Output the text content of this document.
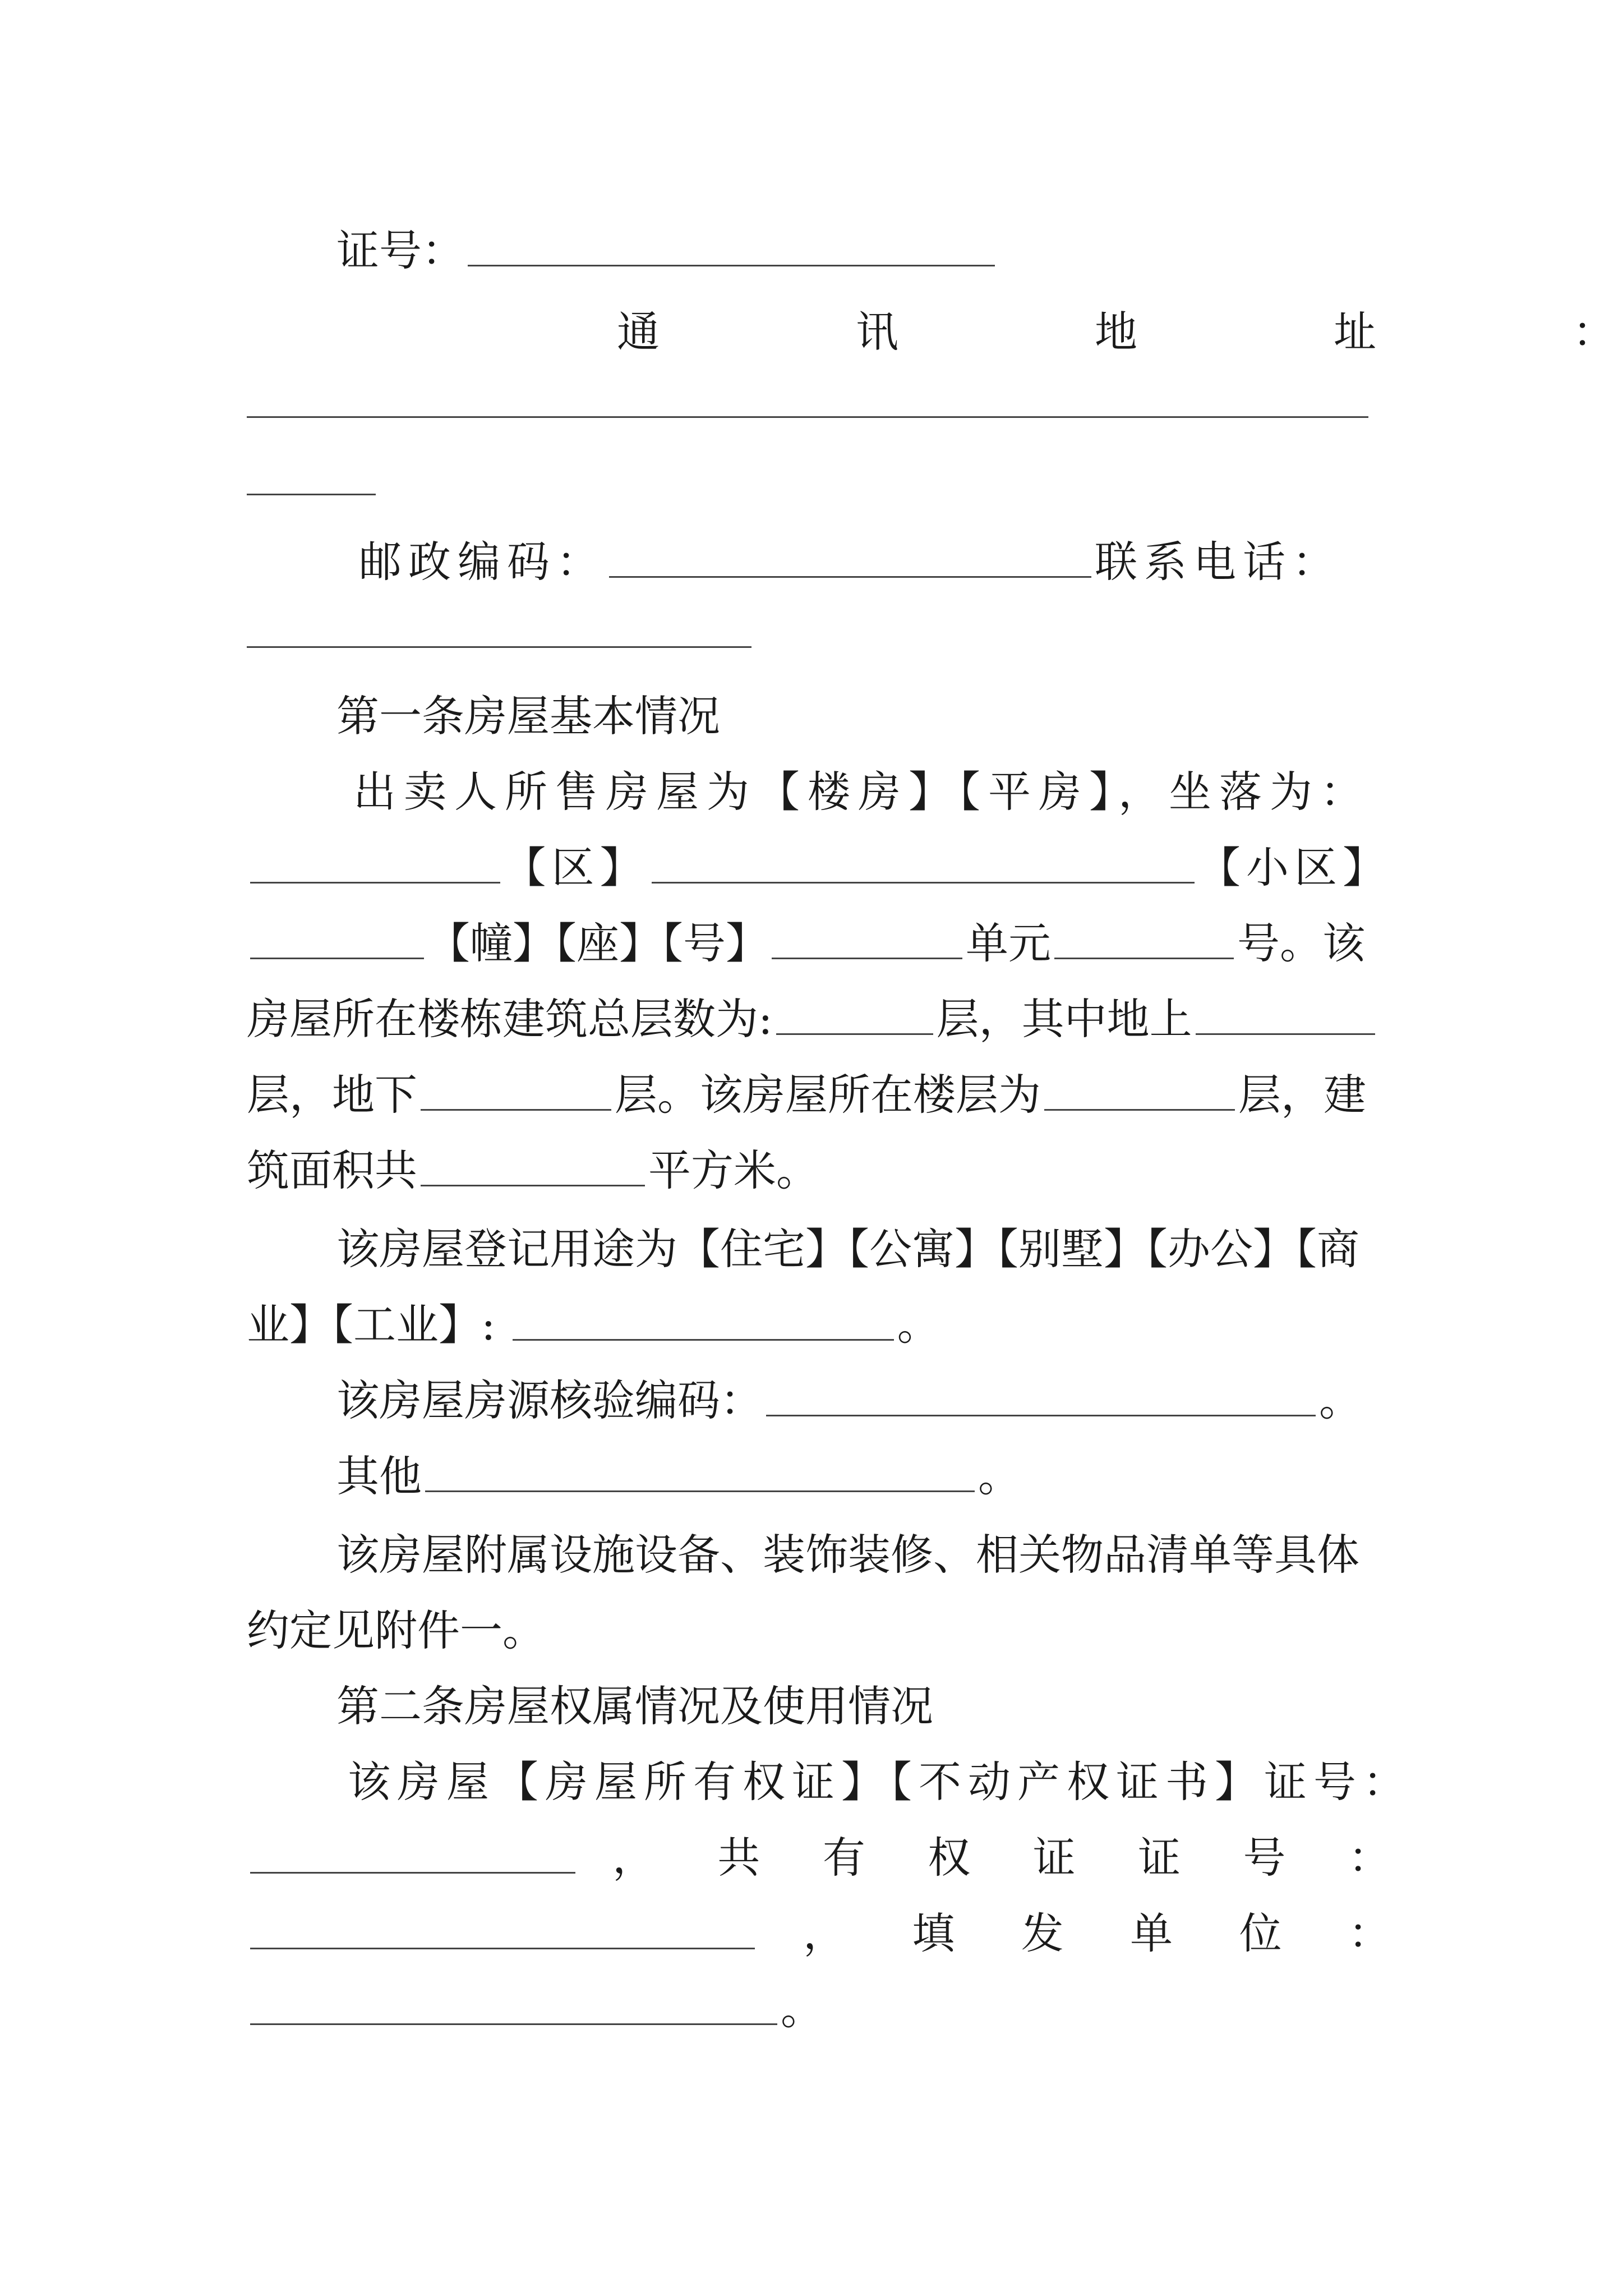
证号：
通	讯	地	址	：
邮政编码：	联系电话：
第一条房屋基本情况
出卖人所售房屋为【楼房】【平房】，坐落为：
【区】	【小区】
【幢】【座】【号】	单元	号。该
房屋所在楼栋建筑总层数为:	层，其中地上
层，地下	层。该房屋所在楼层为	层，建
筑面积共	平方米。
该房屋登记用途为【住宅】【公寓】【别墅】【办公】【商
业】【工业】:	。
该房屋房源核验编码：	。
其他	。
该房屋附属设施设备、装饰装修、相关物品清单等具体
约定见附件一。
第二条房屋权属情况及使用情况
该房屋【房屋所有权证】【不动产权证书】证号：
， 共 有 权 证 证 号 ：
， 填 发 单 位 ：
。
